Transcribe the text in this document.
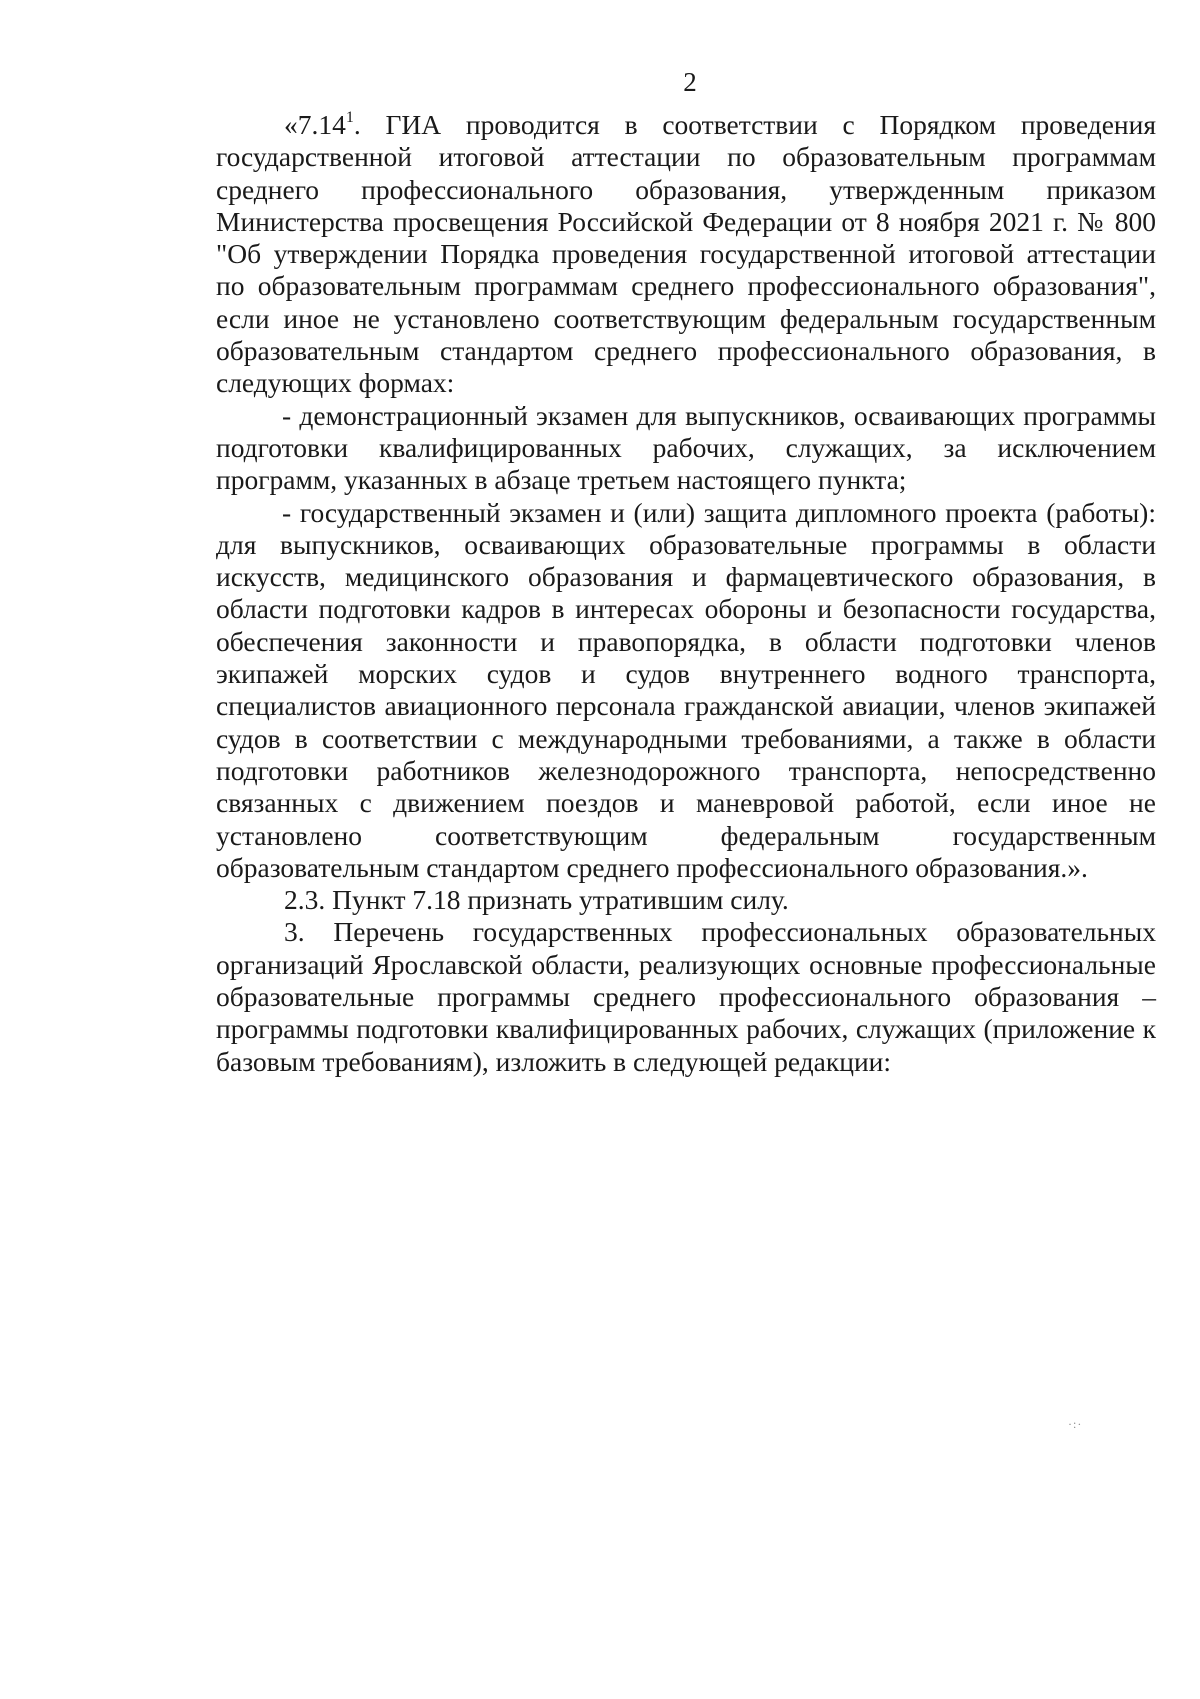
2

«7.14$^1$. ГИА проводится в соответствии с Порядком проведения государственной итоговой аттестации по образовательным программам среднего профессионального образования, утвержденным приказом Министерства просвещения Российской Федерации от 8 ноября 2021 г. № 800 "Об утверждении Порядка проведения государственной итоговой аттестации по образовательным программам среднего профессионального образования", если иное не установлено соответствующим федеральным государственным образовательным стандартом среднего профессионального образования, в следующих формах:

- демонстрационный экзамен для выпускников, осваивающих программы подготовки квалифицированных рабочих, служащих, за исключением программ, указанных в абзаце третьем настоящего пункта;

- государственный экзамен и (или) защита дипломного проекта (работы): для выпускников, осваивающих образовательные программы в области искусств, медицинского образования и фармацевтического образования, в области подготовки кадров в интересах обороны и безопасности государства, обеспечения законности и правопорядка, в области подготовки членов экипажей морских судов и судов внутреннего водного транспорта, специалистов авиационного персонала гражданской авиации, членов экипажей судов в соответствии с международными требованиями, а также в области подготовки работников железнодорожного транспорта, непосредственно связанных с движением поездов и маневровой работой, если иное не установлено соответствующим федеральным государственным образовательным стандартом среднего профессионального образования.».

2.3. Пункт 7.18 признать утратившим силу.

3. Перечень государственных профессиональных образовательных организаций Ярославской области, реализующих основные профессиональные образовательные программы среднего профессионального образования – программы подготовки квалифицированных рабочих, служащих (приложение к базовым требованиям), изложить в следующей редакции:

·:·
